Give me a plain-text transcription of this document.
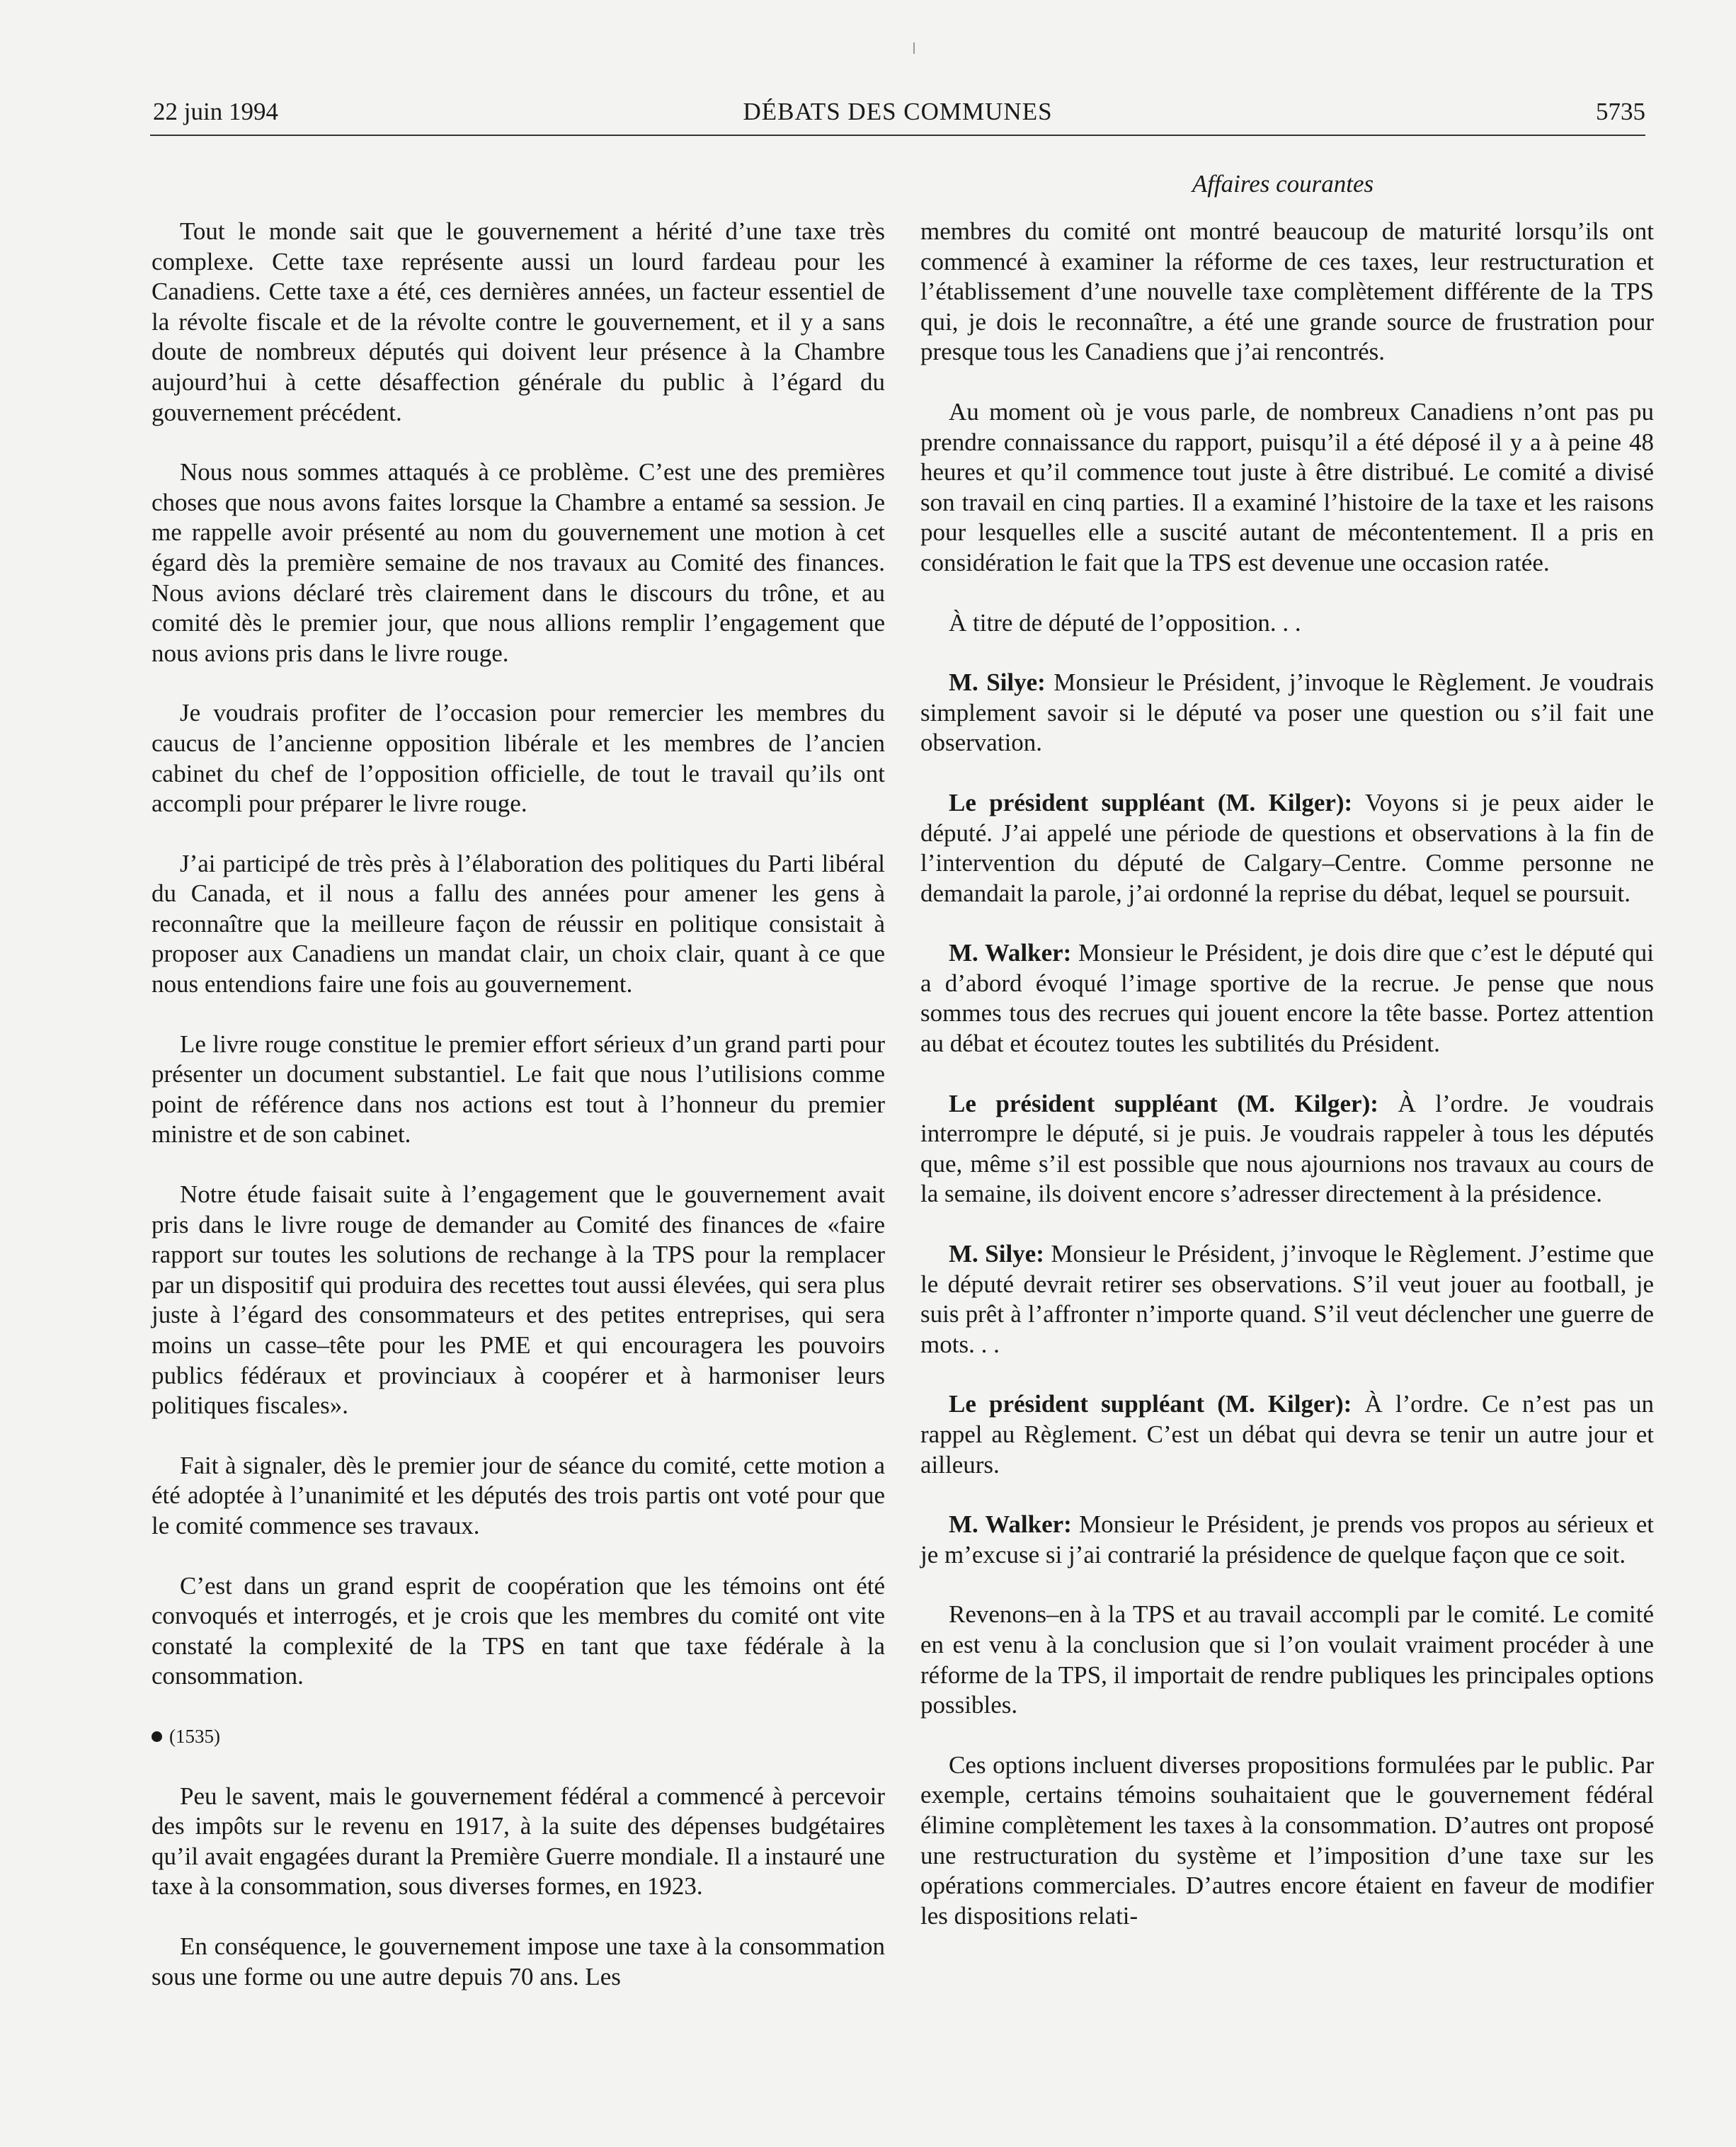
22 juin 1994	DÉBATS DES COMMUNES	5735
Affaires courantes

Tout le monde sait que le gouvernement a hérité d’une taxe très complexe. Cette taxe représente aussi un lourd fardeau pour les Canadiens. Cette taxe a été, ces dernières années, un facteur essentiel de la révolte fiscale et de la révolte contre le gouvernement, et il y a sans doute de nombreux députés qui doivent leur présence à la Chambre aujourd’hui à cette désaffection générale du public à l’égard du gouvernement précédent.

Nous nous sommes attaqués à ce problème. C’est une des premières choses que nous avons faites lorsque la Chambre a entamé sa session. Je me rappelle avoir présenté au nom du gouvernement une motion à cet égard dès la première semaine de nos travaux au Comité des finances. Nous avions déclaré très clairement dans le discours du trône, et au comité dès le premier jour, que nous allions remplir l’engagement que nous avions pris dans le livre rouge.

Je voudrais profiter de l’occasion pour remercier les membres du caucus de l’ancienne opposition libérale et les membres de l’ancien cabinet du chef de l’opposition officielle, de tout le travail qu’ils ont accompli pour préparer le livre rouge.

J’ai participé de très près à l’élaboration des politiques du Parti libéral du Canada, et il nous a fallu des années pour amener les gens à reconnaître que la meilleure façon de réussir en politique consistait à proposer aux Canadiens un mandat clair, un choix clair, quant à ce que nous entendions faire une fois au gouvernement.

Le livre rouge constitue le premier effort sérieux d’un grand parti pour présenter un document substantiel. Le fait que nous l’utilisions comme point de référence dans nos actions est tout à l’honneur du premier ministre et de son cabinet.

Notre étude faisait suite à l’engagement que le gouvernement avait pris dans le livre rouge de demander au Comité des finances de «faire rapport sur toutes les solutions de rechange à la TPS pour la remplacer par un dispositif qui produira des recettes tout aussi élevées, qui sera plus juste à l’égard des consommateurs et des petites entreprises, qui sera moins un casse–tête pour les PME et qui encouragera les pouvoirs publics fédéraux et provinciaux à coopérer et à harmoniser leurs politiques fiscales».

Fait à signaler, dès le premier jour de séance du comité, cette motion a été adoptée à l’unanimité et les députés des trois partis ont voté pour que le comité commence ses travaux.

C’est dans un grand esprit de coopération que les témoins ont été convoqués et interrogés, et je crois que les membres du comité ont vite constaté la complexité de la TPS en tant que taxe fédérale à la consommation.

(1535)

Peu le savent, mais le gouvernement fédéral a commencé à percevoir des impôts sur le revenu en 1917, à la suite des dépenses budgétaires qu’il avait engagées durant la Première Guerre mondiale. Il a instauré une taxe à la consommation, sous diverses formes, en 1923.

En conséquence, le gouvernement impose une taxe à la consommation sous une forme ou une autre depuis 70 ans. Les

membres du comité ont montré beaucoup de maturité lorsqu’ils ont commencé à examiner la réforme de ces taxes, leur restructuration et l’établissement d’une nouvelle taxe complètement différente de la TPS qui, je dois le reconnaître, a été une grande source de frustration pour presque tous les Canadiens que j’ai rencontrés.

Au moment où je vous parle, de nombreux Canadiens n’ont pas pu prendre connaissance du rapport, puisqu’il a été déposé il y a à peine 48 heures et qu’il commence tout juste à être distribué. Le comité a divisé son travail en cinq parties. Il a examiné l’histoire de la taxe et les raisons pour lesquelles elle a suscité autant de mécontentement. Il a pris en considération le fait que la TPS est devenue une occasion ratée.

À titre de député de l’opposition. . .

M. Silye: Monsieur le Président, j’invoque le Règlement. Je voudrais simplement savoir si le député va poser une question ou s’il fait une observation.

Le président suppléant (M. Kilger): Voyons si je peux aider le député. J’ai appelé une période de questions et observations à la fin de l’intervention du député de Calgary–Centre. Comme personne ne demandait la parole, j’ai ordonné la reprise du débat, lequel se poursuit.

M. Walker: Monsieur le Président, je dois dire que c’est le député qui a d’abord évoqué l’image sportive de la recrue. Je pense que nous sommes tous des recrues qui jouent encore la tête basse. Portez attention au débat et écoutez toutes les subtilités du Président.

Le président suppléant (M. Kilger): À l’ordre. Je voudrais interrompre le député, si je puis. Je voudrais rappeler à tous les députés que, même s’il est possible que nous ajournions nos travaux au cours de la semaine, ils doivent encore s’adresser directement à la présidence.

M. Silye: Monsieur le Président, j’invoque le Règlement. J’estime que le député devrait retirer ses observations. S’il veut jouer au football, je suis prêt à l’affronter n’importe quand. S’il veut déclencher une guerre de mots. . .

Le président suppléant (M. Kilger): À l’ordre. Ce n’est pas un rappel au Règlement. C’est un débat qui devra se tenir un autre jour et ailleurs.

M. Walker: Monsieur le Président, je prends vos propos au sérieux et je m’excuse si j’ai contrarié la présidence de quelque façon que ce soit.

Revenons–en à la TPS et au travail accompli par le comité. Le comité en est venu à la conclusion que si l’on voulait vraiment procéder à une réforme de la TPS, il importait de rendre publiques les principales options possibles.

Ces options incluent diverses propositions formulées par le public. Par exemple, certains témoins souhaitaient que le gouvernement fédéral élimine complètement les taxes à la consommation. D’autres ont proposé une restructuration du système et l’imposition d’une taxe sur les opérations commerciales. D’autres encore étaient en faveur de modifier les dispositions relati-
